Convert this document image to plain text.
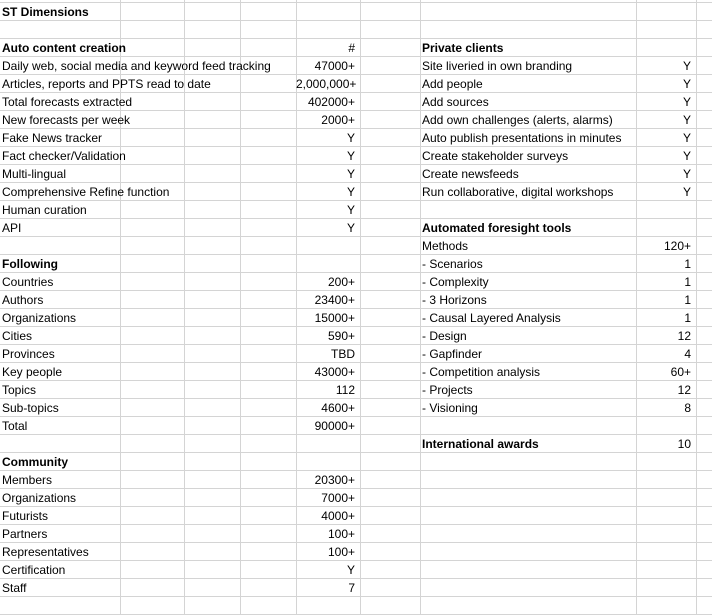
ST Dimensions
Auto content creation	#
Daily web, social media and keyword feed tracking	47000+
Articles, reports and PPTS read to date	2,000,000+
Total forecasts extracted	402000+
New forecasts per week	2000+
Fake News tracker	Y
Fact checker/Validation	Y
Multi-lingual	Y
Comprehensive Refine function	Y
Human curation	Y
API	Y
Following
Countries	200+
Authors	23400+
Organizations	15000+
Cities	590+
Provinces	TBD
Key people	43000+
Topics	112
Sub-topics	4600+
Total	90000+
Community
Members	20300+
Organizations	7000+
Futurists	4000+
Partners	100+
Representatives	100+
Certification	Y
Staff	7
Private clients
Site liveried in own branding	Y
Add people	Y
Add sources	Y
Add own challenges (alerts, alarms)	Y
Auto publish presentations in minutes	Y
Create stakeholder surveys	Y
Create newsfeeds	Y
Run collaborative, digital workshops	Y
Automated foresight tools
Methods	120+
- Scenarios	1
- Complexity	1
- 3 Horizons	1
- Causal Layered Analysis	1
- Design	12
- Gapfinder	4
- Competition analysis	60+
- Projects	12
- Visioning	8
International awards	10
